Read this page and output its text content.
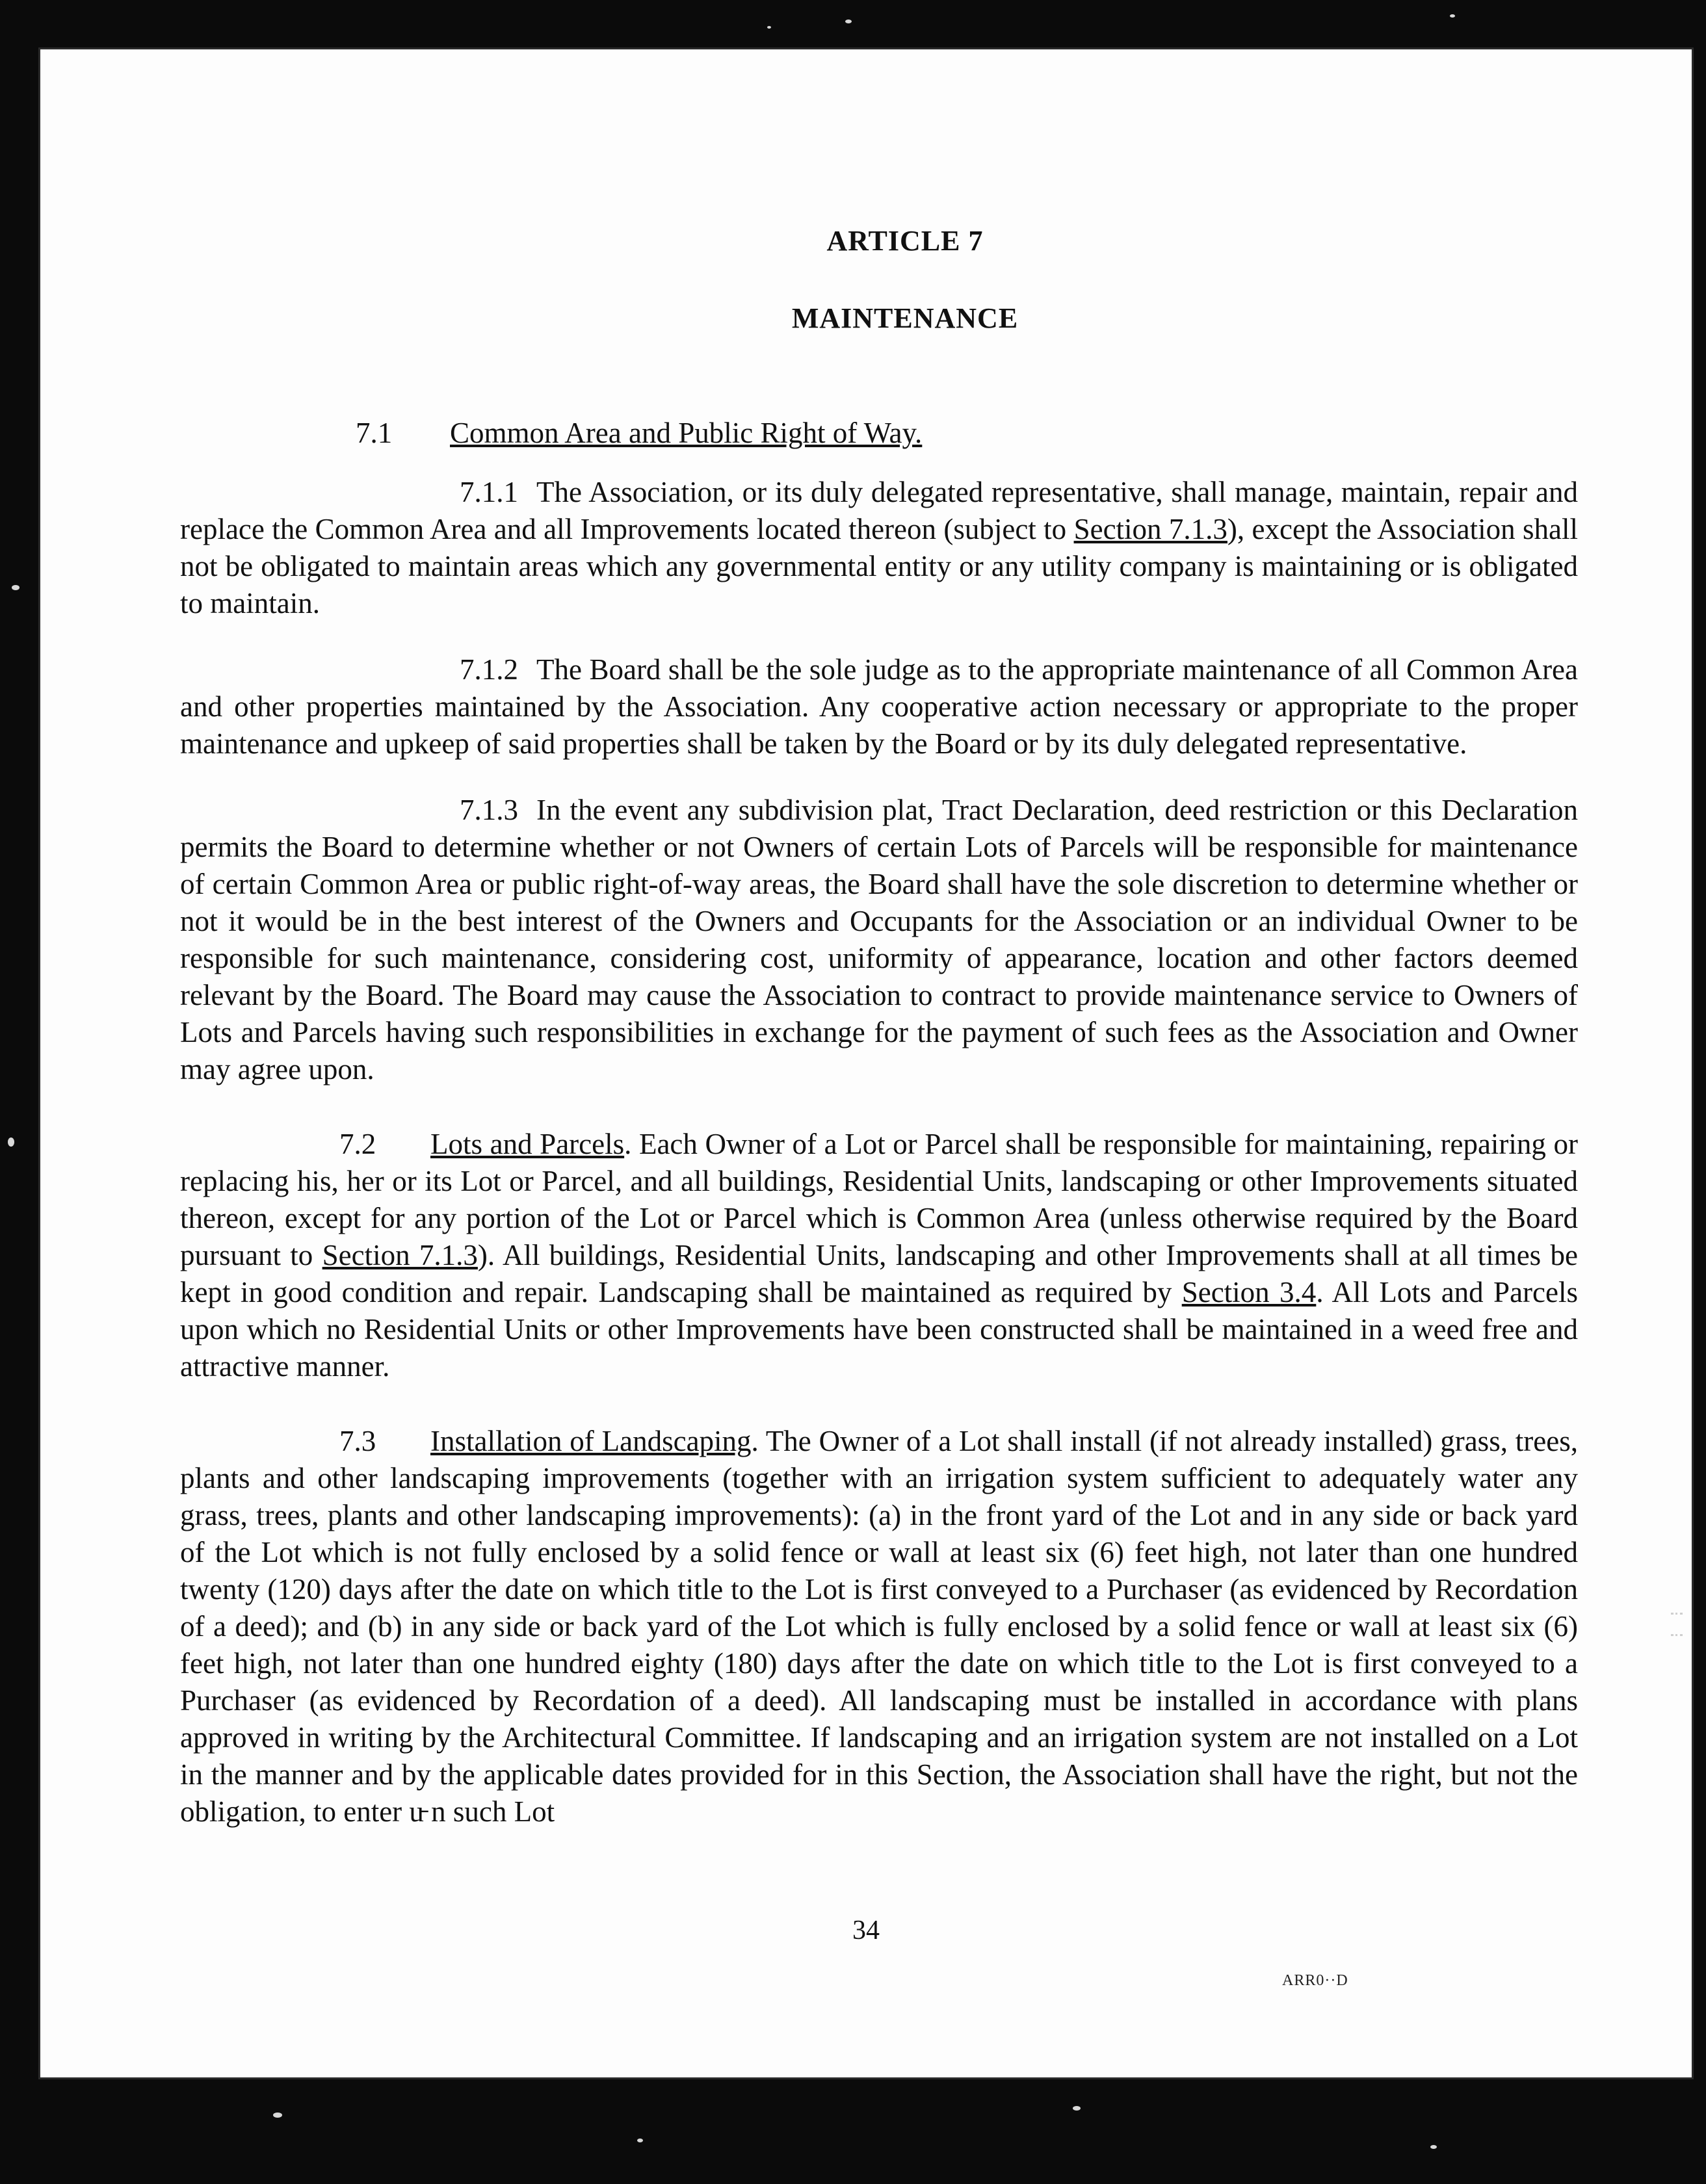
ARTICLE 7
MAINTENANCE
7.1 Common Area and Public Right of Way.

7.1.1 The Association, or its duly delegated representative, shall manage, maintain, repair and replace the Common Area and all Improvements located thereon (subject to Section 7.1.3), except the Association shall not be obligated to maintain areas which any governmental entity or any utility company is maintaining or is obligated to maintain.

7.1.2 The Board shall be the sole judge as to the appropriate maintenance of all Common Area and other properties maintained by the Association. Any cooperative action necessary or appropriate to the proper maintenance and upkeep of said properties shall be taken by the Board or by its duly delegated representative.

7.1.3 In the event any subdivision plat, Tract Declaration, deed restriction or this Declaration permits the Board to determine whether or not Owners of certain Lots of Parcels will be responsible for maintenance of certain Common Area or public right-of-way areas, the Board shall have the sole discretion to determine whether or not it would be in the best interest of the Owners and Occupants for the Association or an individual Owner to be responsible for such maintenance, considering cost, uniformity of appearance, location and other factors deemed relevant by the Board. The Board may cause the Association to contract to provide maintenance service to Owners of Lots and Parcels having such responsibilities in exchange for the payment of such fees as the Association and Owner may agree upon.

7.2 Lots and Parcels. Each Owner of a Lot or Parcel shall be responsible for maintaining, repairing or replacing his, her or its Lot or Parcel, and all buildings, Residential Units, landscaping or other Improvements situated thereon, except for any portion of the Lot or Parcel which is Common Area (unless otherwise required by the Board pursuant to Section 7.1.3). All buildings, Residential Units, landscaping and other Improvements shall at all times be kept in good condition and repair. Landscaping shall be maintained as required by Section 3.4. All Lots and Parcels upon which no Residential Units or other Improvements have been constructed shall be maintained in a weed free and attractive manner.

7.3 Installation of Landscaping. The Owner of a Lot shall install (if not already installed) grass, trees, plants and other landscaping improvements (together with an irrigation system sufficient to adequately water any grass, trees, plants and other landscaping improvements): (a) in the front yard of the Lot and in any side or back yard of the Lot which is not fully enclosed by a solid fence or wall at least six (6) feet high, not later than one hundred twenty (120) days after the date on which title to the Lot is first conveyed to a Purchaser (as evidenced by Recordation of a deed); and (b) in any side or back yard of the Lot which is fully enclosed by a solid fence or wall at least six (6) feet high, not later than one hundred eighty (180) days after the date on which title to the Lot is first conveyed to a Purchaser (as evidenced by Recordation of a deed). All landscaping must be installed in accordance with plans approved in writing by the Architectural Committee. If landscaping and an irrigation system are not installed on a Lot in the manner and by the applicable dates provided for in this Section, the Association shall have the right, but not the obligation, to enter u̵ n such Lot

34
ARR0··D
